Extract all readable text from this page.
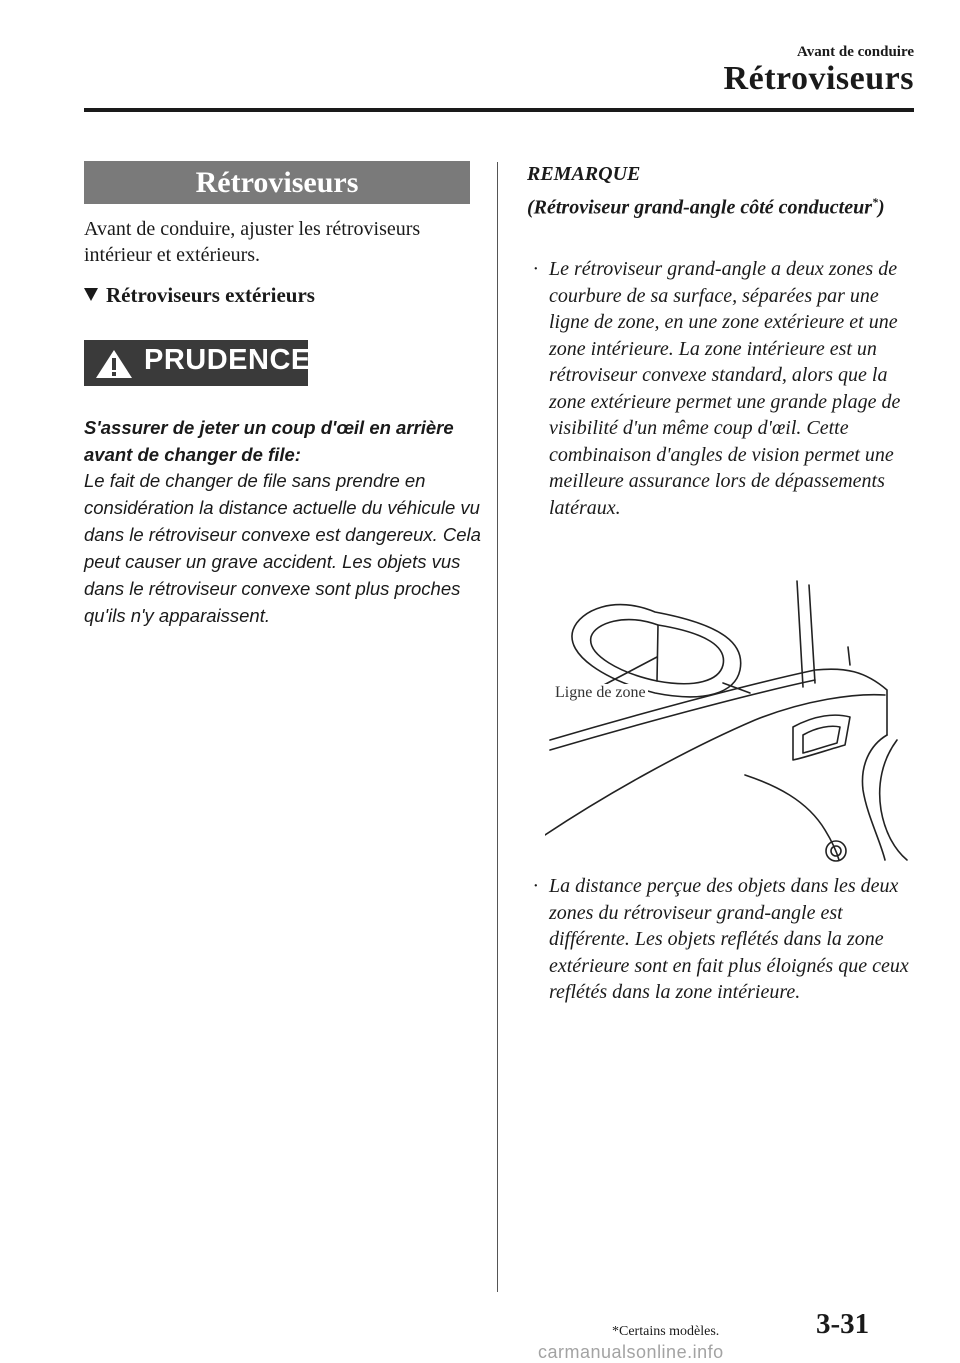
Avant de conduire
Rétroviseurs
Rétroviseurs
Avant de conduire, ajuster les rétroviseurs intérieur et extérieurs.
Rétroviseurs extérieurs
PRUDENCE
S'assurer de jeter un coup d'œil en arrière avant de changer de file:
Le fait de changer de file sans prendre en considération la distance actuelle du véhicule vu dans le rétroviseur convexe est dangereux. Cela peut causer un grave accident. Les objets vus dans le rétroviseur convexe sont plus proches qu'ils n'y apparaissent.
REMARQUE
(Rétroviseur grand-angle côté conducteur*)
· Le rétroviseur grand-angle a deux zones de courbure de sa surface, séparées par une ligne de zone, en une zone extérieure et une zone intérieure. La zone intérieure est un rétroviseur convexe standard, alors que la zone extérieure permet une grande plage de visibilité d'un même coup d'œil. Cette combinaison d'angles de vision permet une meilleure assurance lors de dépassements latéraux.
Ligne de zone
· La distance perçue des objets dans les deux zones du rétroviseur grand-angle est différente. Les objets reflétés dans la zone extérieure sont en fait plus éloignés que ceux reflétés dans la zone intérieure.
*Certains modèles.	3-31
carmanualsonline.info
